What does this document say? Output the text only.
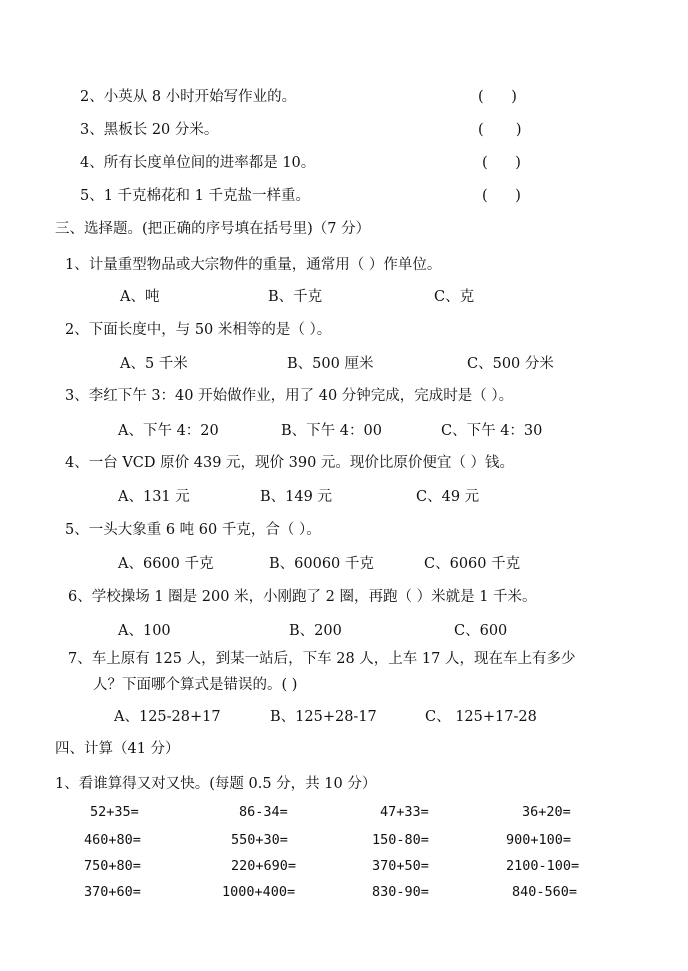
2、小英从 8 小时开始写作业的。	(      )
3、黑板长 20 分米。	(       )
4、所有长度单位间的进率都是 10。	(      )
5、1 千克棉花和 1 千克盐一样重。	(      )
三、选择题。(把正确的序号填在括号里)（7 分）
1、计量重型物品或大宗物件的重量，通常用（ ）作单位。
A、吨	B、千克	C、克
2、下面长度中，与 50 米相等的是（ ）。
A、5 千米	B、500 厘米	C、500 分米
3、李红下午 3：40 开始做作业，用了 40 分钟完成，完成时是（ ）。
A、下午 4：20	B、下午 4：00	C、下午 4：30
4、一台 VCD 原价 439 元，现价 390 元。现价比原价便宜（ ）钱。
A、131 元	B、149 元	C、49 元
5、一头大象重 6 吨 60 千克，合（ ）。
A、6600 千克	B、60060 千克	C、6060 千克
6、学校操场 1 圈是 200 米，小刚跑了 2 圈，再跑（ ）米就是 1 千米。
A、100	B、200	C、600
7、车上原有 125 人，到某一站后，下车 28 人，上车 17 人，现在车上有多少
人？下面哪个算式是错误的。( )
A、125-28+17	B、125+28-17	C、 125+17-28
四、计算（41 分）
1、看谁算得又对又快。(每题 0.5 分，共 10 分）
52+35=	86-34=	47+33=	36+20=
460+80=	550+30=	150-80=	900+100=
750+80=	220+690=	370+50=	2100-100=
370+60=	1000+400=	830-90=	840-560=
